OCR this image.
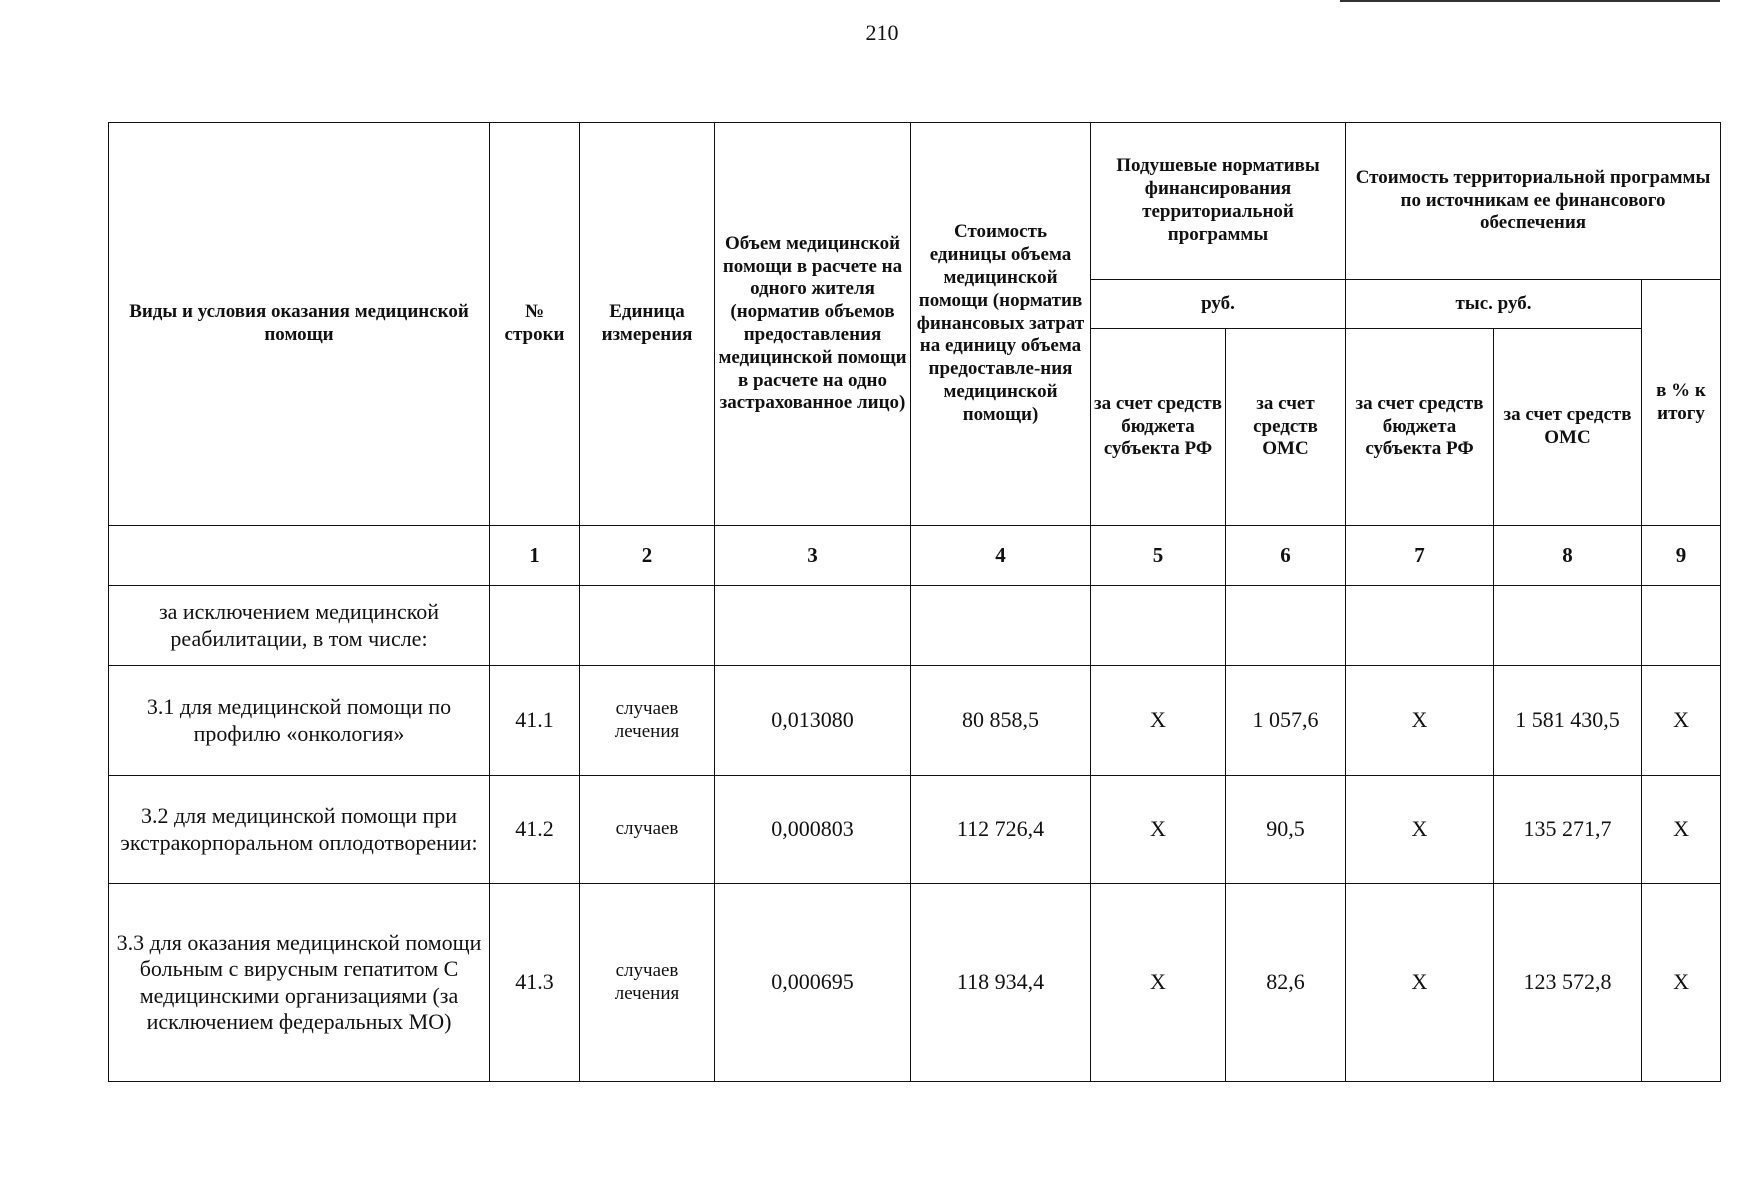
210
Виды и условия оказания медицинской помощи	№ строки	Единица измерения	Объем медицинской помощи в расчете на одного жителя (норматив объемов предоставления медицинской помощи в расчете на одно застрахованное лицо)	Стоимость единицы объема медицинской помощи (норматив финансовых затрат на единицу объема предоставле-ния медицинской помощи)	Подушевые нормативы финансирования территориальной программы		Стоимость территориальной программы по источникам ее финансового обеспечения		
					руб.		тыс. руб.		в % к итогу
					за счет средств бюджета субъекта РФ	за счет средств ОМС	за счет средств бюджета субъекта РФ	за счет средств ОМС	
	1	2	3	4	5	6	7	8	9
за исключением медицинской реабилитации, в том числе:									
3.1 для медицинской помощи по профилю «онкология»	41.1	случаев лечения	0,013080	80 858,5	X	1 057,6	X	1 581 430,5	X
3.2 для медицинской помощи при экстракорпоральном оплодотворении:	41.2	случаев	0,000803	112 726,4	X	90,5	X	135 271,7	X
3.3 для оказания медицинской помощи больным с вирусным гепатитом С медицинскими организациями (за исключением федеральных МО)	41.3	случаев лечения	0,000695	118 934,4	X	82,6	X	123 572,8	X
